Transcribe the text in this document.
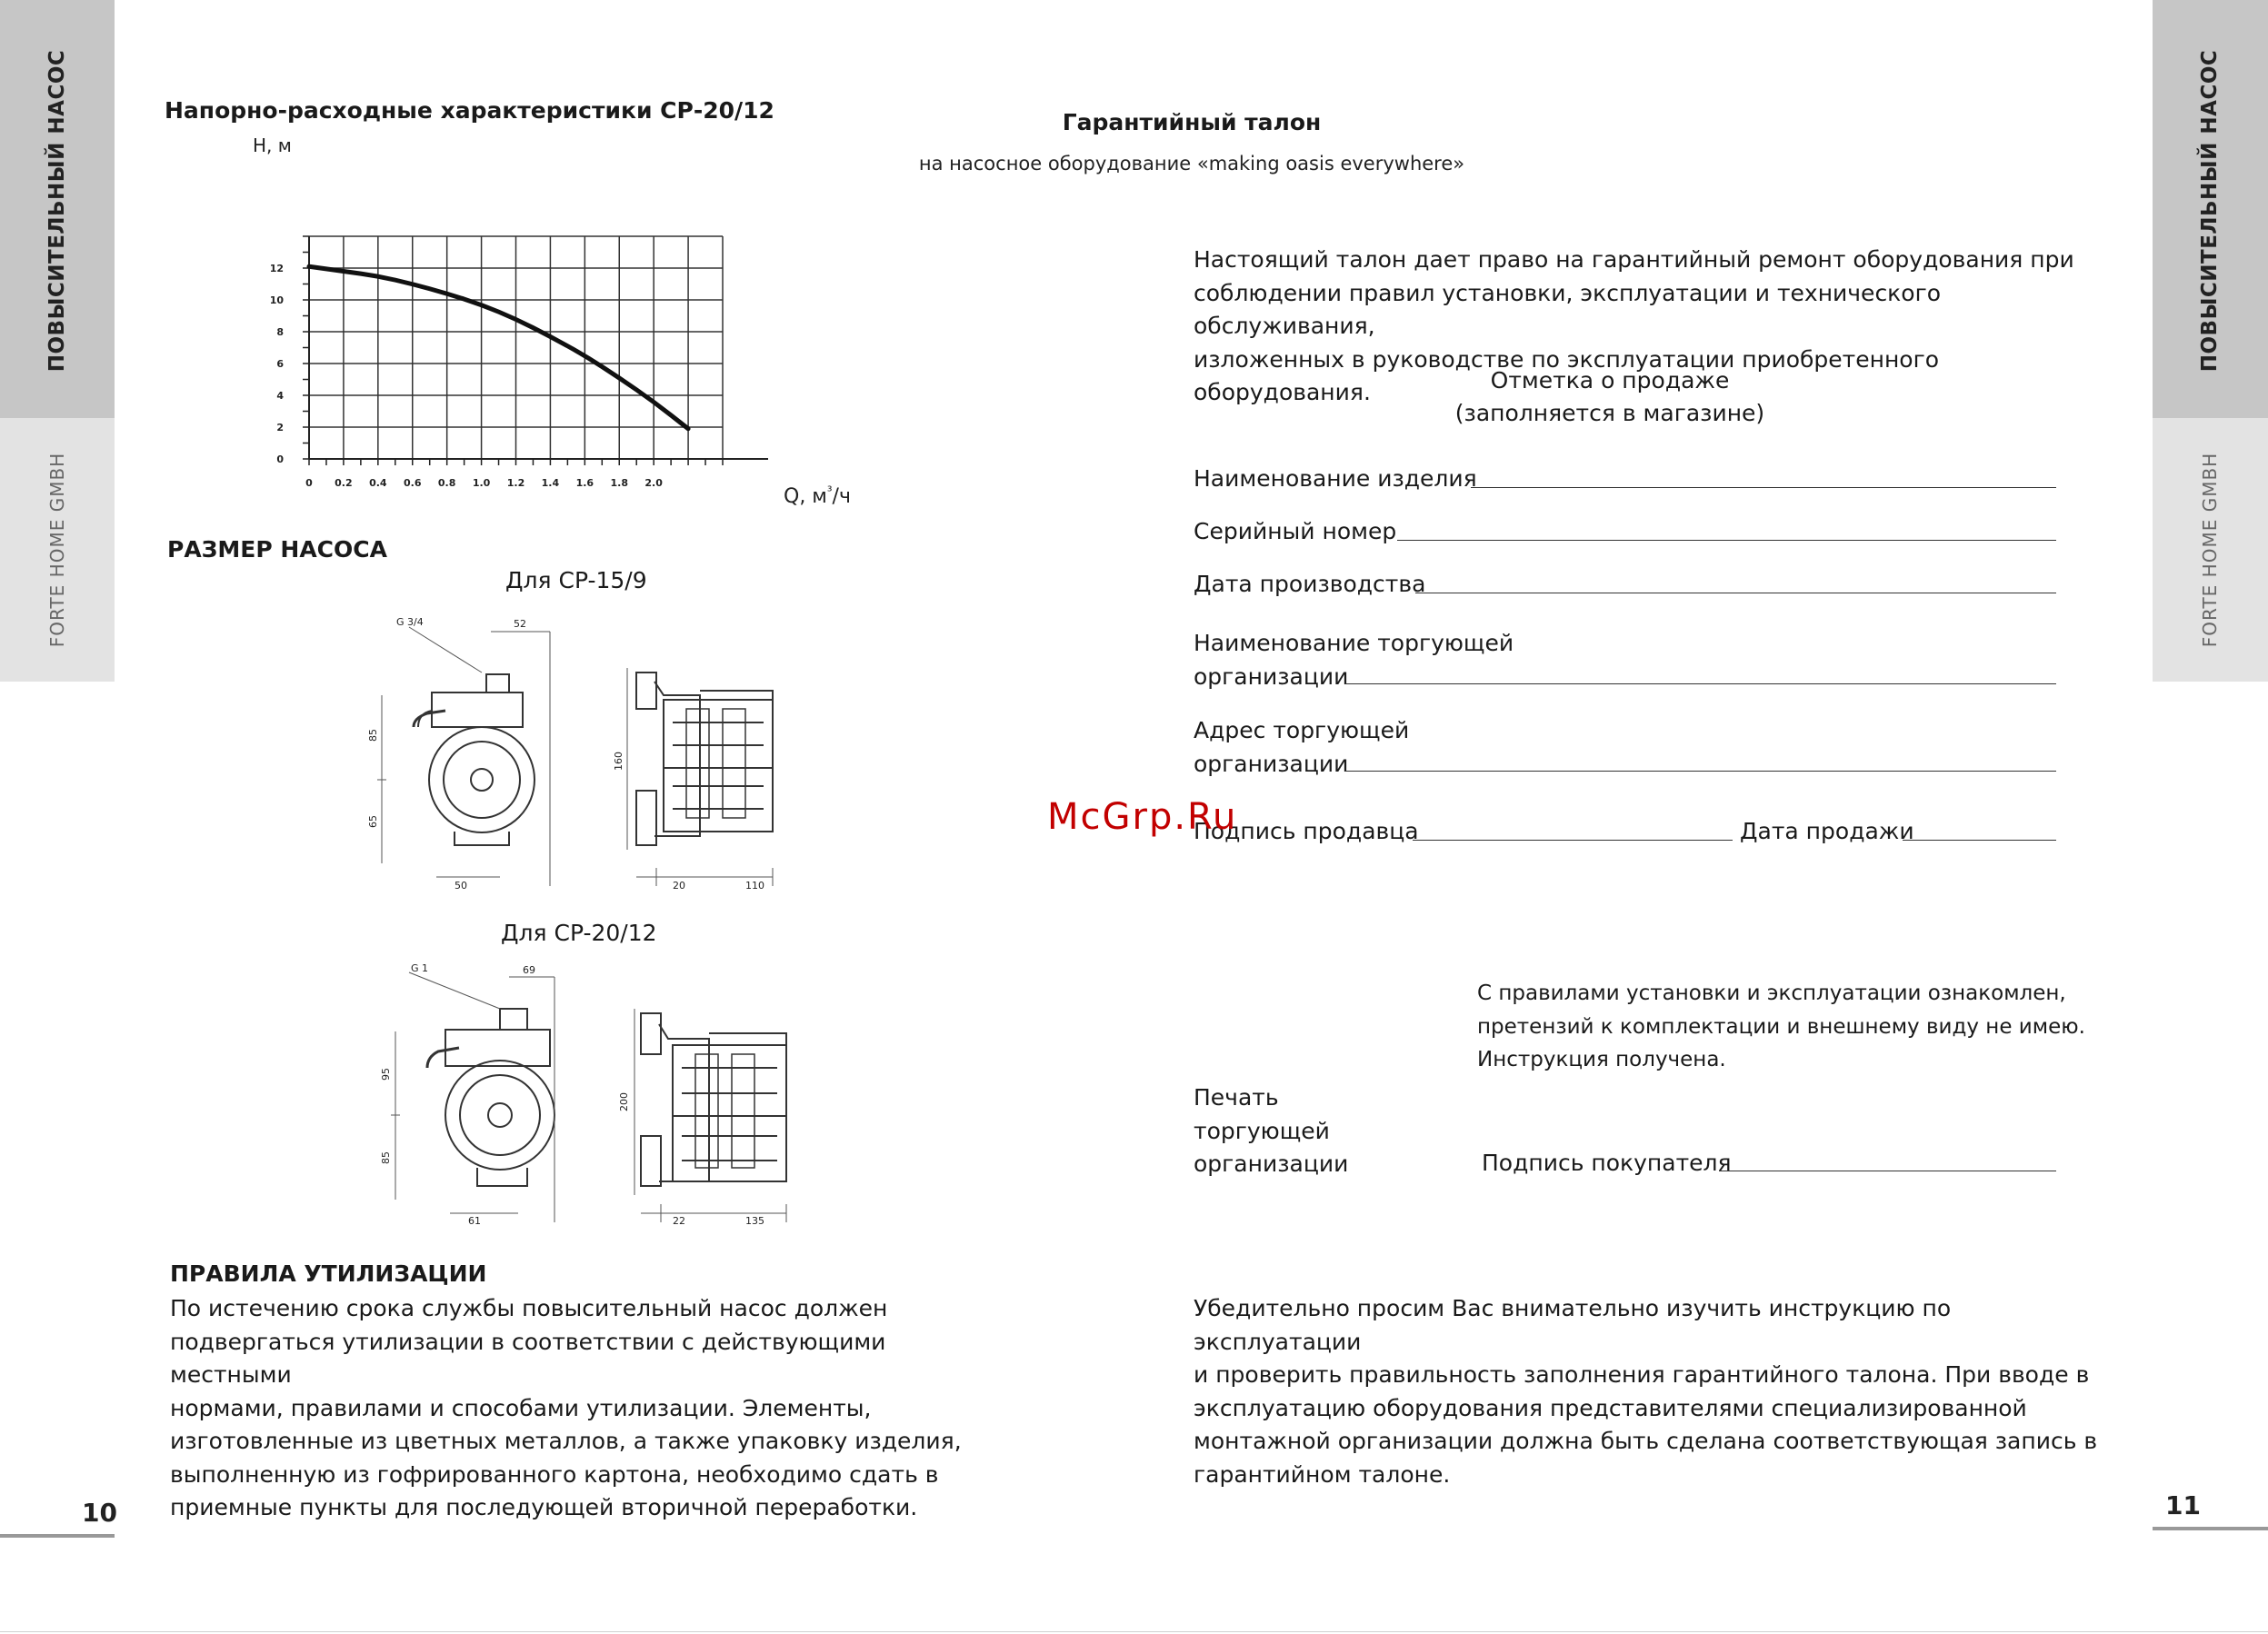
ПОВЫСИТЕЛЬНЫЙ НАСОС
FORTE HOME GMBH
ПОВЫСИТЕЛЬНЫЙ НАСОС
FORTE HOME GMBH
10	11
Напорно-расходные характеристики СР-20/12
0 0.2 0.4 0.6 0.8 1.0 1.2 1.4 1.6 1.8 2.0
0
2
4
6
8
10
12
Н, м
Q, $м^{^3}/ч$
РАЗМЕР НАСОСА
Для CP-15/9
G 3/4	52
85
65
50
160
20	110
Для CP-20/12
G 1	69
95
85
61
200
22	135
ПРАВИЛА УТИЛИЗАЦИИ
По истечению срока службы повысительный насос должен
подвергаться утилизации в соответствии с действующими местными
нормами, правилами и способами утилизации. Элементы,
изготовленные из цветных металлов, а также упаковку изделия,
выполненную из гофрированного картона, необходимо сдать в
приемные пункты для последующей вторичной переработки.
Гарантийный талон
на насосное оборудование «making oasis everywhere»
Настоящий талон дает право на гарантийный ремонт оборудования при
соблюдении правил установки, эксплуатации и технического обслуживания,
изложенных в руководстве по эксплуатации приобретенного оборудования.	Отметка о продаже
(заполняется в магазине)
Наименование изделия
Серийный номер
Дата производства
Наименование торгующей
организации
Адрес торгующей
организации
Подпись продавца	Дата продажи
McGrp.Ru
С правилами установки и эксплуатации ознакомлен,
претензий к комплектации и внешнему виду не имею.
Инструкция получена.
Печать
торгующей
организации	Подпись покупателя
Убедительно просим Вас внимательно изучить инструкцию по эксплуатации
и проверить правильность заполнения гарантийного талона. При вводе в
эксплуатацию оборудования представителями специализированной
монтажной организации должна быть сделана соответствующая запись в
гарантийном талоне.
